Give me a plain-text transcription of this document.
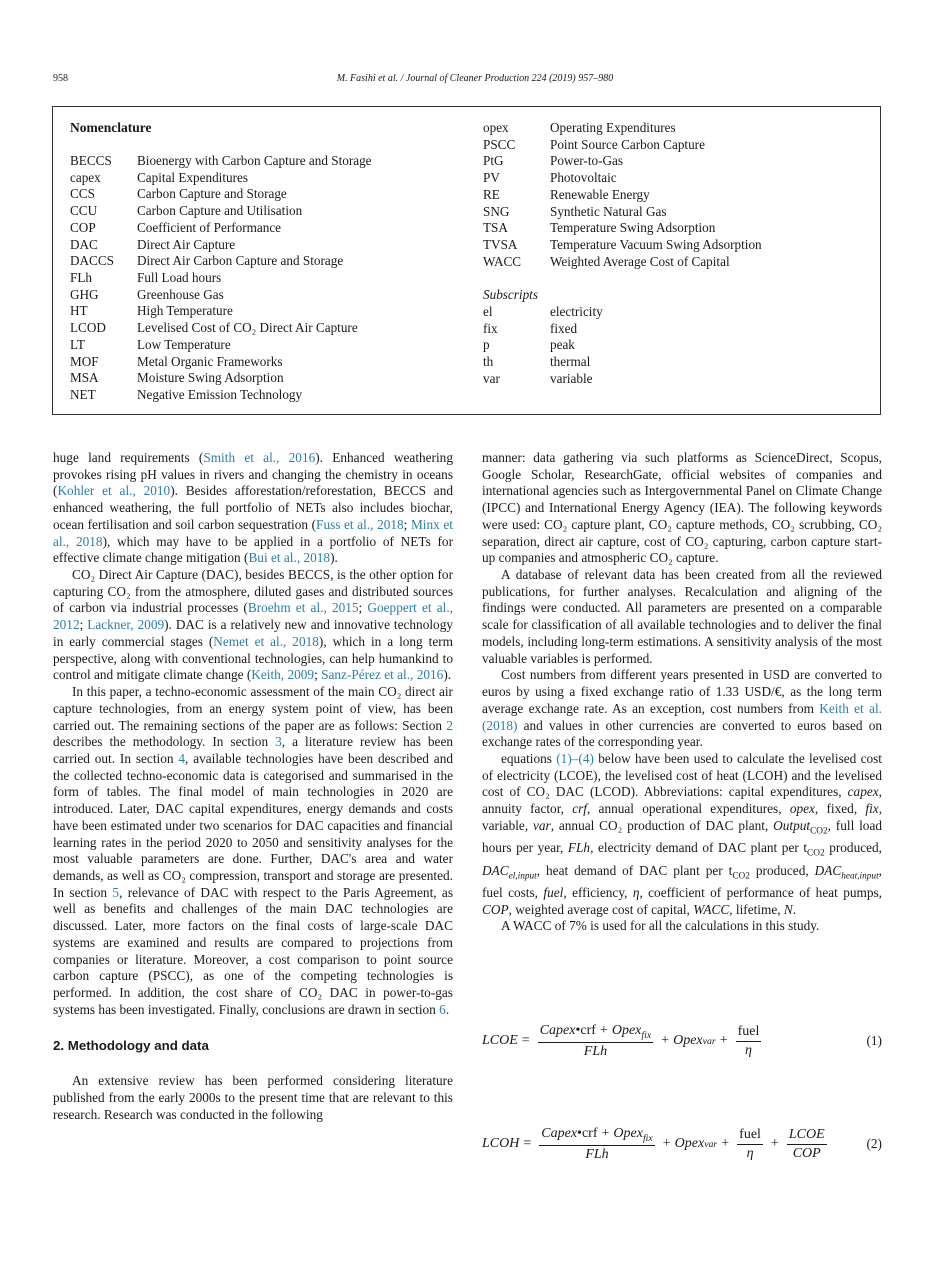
958	M. Fasihi et al. / Journal of Cleaner Production 224 (2019) 957–980
Nomenclature
BECCS	Bioenergy with Carbon Capture and Storage
capex	Capital Expenditures
CCS	Carbon Capture and Storage
CCU	Carbon Capture and Utilisation
COP	Coefficient of Performance
DAC	Direct Air Capture
DACCS	Direct Air Carbon Capture and Storage
FLh	Full Load hours
GHG	Greenhouse Gas
HT	High Temperature
LCOD	Levelised Cost of CO₂ Direct Air Capture
LT	Low Temperature
MOF	Metal Organic Frameworks
MSA	Moisture Swing Adsorption
NET	Negative Emission Technology
opex	Operating Expenditures
PSCC	Point Source Carbon Capture
PtG	Power-to-Gas
PV	Photovoltaic
RE	Renewable Energy
SNG	Synthetic Natural Gas
TSA	Temperature Swing Adsorption
TVSA	Temperature Vacuum Swing Adsorption
WACC	Weighted Average Cost of Capital
Subscripts
el	electricity
fix	fixed
p	peak
th	thermal
var	variable

huge land requirements (Smith et al., 2016). Enhanced weathering provokes rising pH values in rivers and changing the chemistry in oceans (Kohler et al., 2010). Besides afforestation/reforestation, BECCS and enhanced weathering, the full portfolio of NETs also includes biochar, ocean fertilisation and soil carbon sequestration (Fuss et al., 2018; Minx et al., 2018), which may have to be applied in a portfolio of NETs for effective climate change mitigation (Bui et al., 2018).

CO₂ Direct Air Capture (DAC), besides BECCS, is the other option for capturing CO₂ from the atmosphere, diluted gases and distributed sources of carbon via industrial processes (Broehm et al., 2015; Goeppert et al., 2012; Lackner, 2009). DAC is a relatively new and innovative technology in early commercial stages (Nemet et al., 2018), which in a long term perspective, along with conventional technologies, can help humankind to control and mitigate climate change (Keith, 2009; Sanz-Pérez et al., 2016).

In this paper, a techno-economic assessment of the main CO₂ direct air capture technologies, from an energy system point of view, has been carried out. The remaining sections of the paper are as follows: Section 2 describes the methodology. In section 3, a literature review has been carried out. In section 4, available technologies have been described and the collected techno-economic data is categorised and summarised in the form of tables. The final model of main technologies in 2020 are introduced. Later, DAC capital expenditures, energy demands and costs have been estimated under two scenarios for DAC capacities and financial learning rates in the period 2020 to 2050 and sensitivity analyses for the most valuable parameters are done. Further, DAC's area and water demands, as well as CO₂ compression, transport and storage are presented. In section 5, relevance of DAC with respect to the Paris Agreement, as well as benefits and challenges of the main DAC technologies are discussed. Later, more factors on the final costs of large-scale DAC systems are examined and results are compared to projections from companies or literature. Moreover, a cost comparison to point source carbon capture (PSCC), as one of the competing technologies is performed. In addition, the cost share of CO₂ DAC in power-to-gas systems has been investigated. Finally, conclusions are drawn in section 6.

2. Methodology and data

An extensive review has been performed considering literature published from the early 2000s to the present time that are relevant to this research. Research was conducted in the following

manner: data gathering via such platforms as ScienceDirect, Scopus, Google Scholar, ResearchGate, official websites of companies and international agencies such as Intergovernmental Panel on Climate Change (IPCC) and International Energy Agency (IEA). The following keywords were used: CO₂ capture plant, CO₂ capture methods, CO₂ scrubbing, CO₂ separation, direct air capture, cost of CO₂ capturing, carbon capture start-up companies and atmospheric CO₂ capture.

A database of relevant data has been created from all the reviewed publications, for further analyses. Recalculation and aligning of the findings were conducted. All parameters are presented on a comparable scale for classification of all available technologies and to deliver the final models, including long-term estimations. A sensitivity analysis of the most valuable variables is performed.

Cost numbers from different years presented in USD are converted to euros by using a fixed exchange ratio of 1.33 USD/€, as the long term average exchange rate. As an exception, cost numbers from Keith et al. (2018) and values in other currencies are converted to euros based on exchange rates of the corresponding year.

equations (1)–(4) below have been used to calculate the levelised cost of electricity (LCOE), the levelised cost of heat (LCOH) and the levelised cost of CO₂ DAC (LCOD). Abbreviations: capital expenditures, capex, annuity factor, crf, annual operational expenditures, opex, fixed, fix, variable, var, annual CO₂ production of DAC plant, Output$_{CO2}$, full load hours per year, FLh, electricity demand of DAC plant per $t_{CO2}$ produced, $DAC_{el,input}$, heat demand of DAC plant per $t_{CO2}$ produced, $DAC_{heat,input}$, fuel costs, fuel, efficiency, η, coefficient of performance of heat pumps, COP, weighted average cost of capital, WACC, lifetime, N.

A WACC of 7% is used for all the calculations in this study.

LCOE = $\frac{Capex•crf + Opex_{fix}}{\text{FLh}}$ + Opex var + $\frac{\text{fuel}}{\eta}$	(1)
LCOH = $\frac{Capex•crf + Opex_{fix}}{\text{FLh}}$ + Opex var + $\frac{\text{fuel}}{\eta} + \frac{\text{LCOE}}{\text{COP}}$	(2)
